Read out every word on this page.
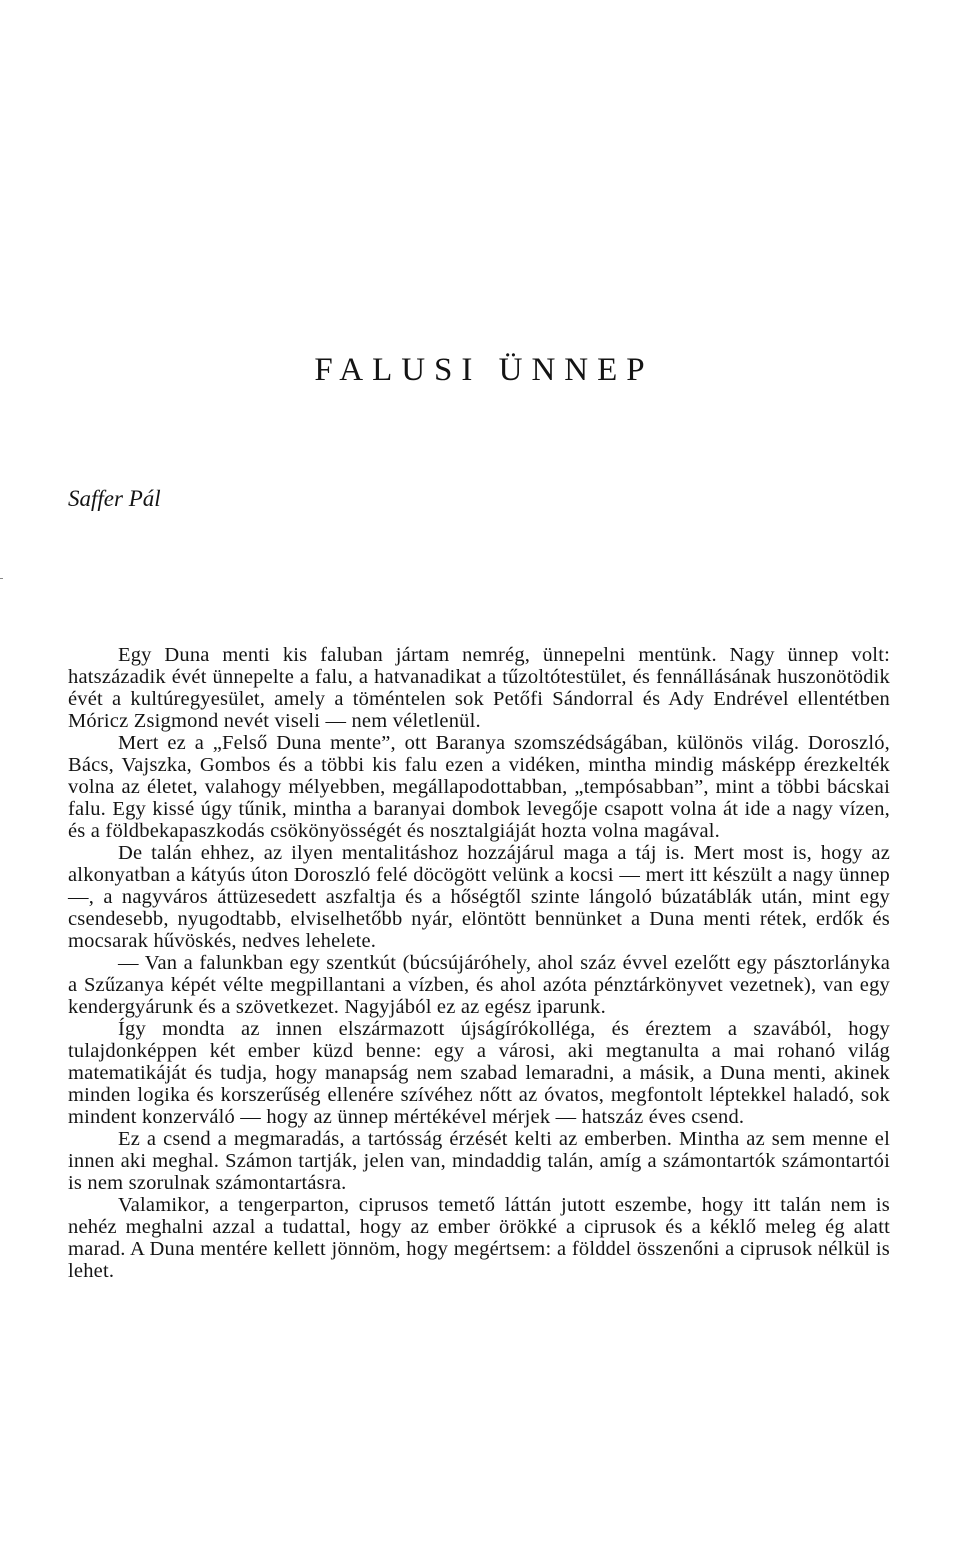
FALUSI ÜNNEP

Saffer Pál

Egy Duna menti kis faluban jártam nemrég, ünnepelni mentünk. Nagy ünnep volt: hatszázadik évét ünnepelte a falu, a hatvanadikat a tűzoltótestület, és fennállásának huszonötödik évét a kultúregyesület, amely a töméntelen sok Petőfi Sándorral és Ady Endrével ellentétben Móricz Zsigmond nevét viseli — nem véletlenül.

Mert ez a „Felső Duna mente”, ott Baranya szomszédságában, különös világ. Doroszló, Bács, Vajszka, Gombos és a többi kis falu ezen a vidéken, mintha mindig másképp érezkelték volna az életet, valahogy mélyebben, megállapodottabban, „tempósabban”, mint a többi bácskai falu. Egy kissé úgy tűnik, mintha a baranyai dombok levegője csapott volna át ide a nagy vízen, és a földbekapaszkodás csökönyösségét és nosztalgiáját hozta volna magával.

De talán ehhez, az ilyen mentalitáshoz hozzájárul maga a táj is. Mert most is, hogy az alkonyatban a kátyús úton Doroszló felé döcögött velünk a kocsi — mert itt készült a nagy ünnep —, a nagyváros áttüzesedett aszfaltja és a hőségtől szinte lángoló búzatáblák után, mint egy csendesebb, nyugodtabb, elviselhetőbb nyár, elöntött bennünket a Duna menti rétek, erdők és mocsarak hűvöskés, nedves lehelete.

— Van a falunkban egy szentkút (búcsújáróhely, ahol száz évvel ezelőtt egy pásztorlányka a Szűzanya képét vélte megpillantani a vízben, és ahol azóta pénztárkönyvet vezetnek), van egy kendergyárunk és a szövetkezet. Nagyjából ez az egész iparunk.

Így mondta az innen elszármazott újságírókolléga, és éreztem a szavából, hogy tulajdonképpen két ember küzd benne: egy a városi, aki megtanulta a mai rohanó világ matematikáját és tudja, hogy manapság nem szabad lemaradni, a másik, a Duna menti, akinek minden logika és korszerűség ellenére szívéhez nőtt az óvatos, megfontolt léptekkel haladó, sok mindent konzerváló — hogy az ünnep mértékével mérjek — hatszáz éves csend.

Ez a csend a megmaradás, a tartósság érzését kelti az emberben. Mintha az sem menne el innen aki meghal. Számon tartják, jelen van, mindaddig talán, amíg a számontartók számontartói is nem szorulnak számontartásra.

Valamikor, a tengerparton, ciprusos temető láttán jutott eszembe, hogy itt talán nem is nehéz meghalni azzal a tudattal, hogy az ember örökké a ciprusok és a kéklő meleg ég alatt marad. A Duna mentére kellett jönnöm, hogy megértsem: a földdel összenőni a ciprusok nélkül is lehet.
